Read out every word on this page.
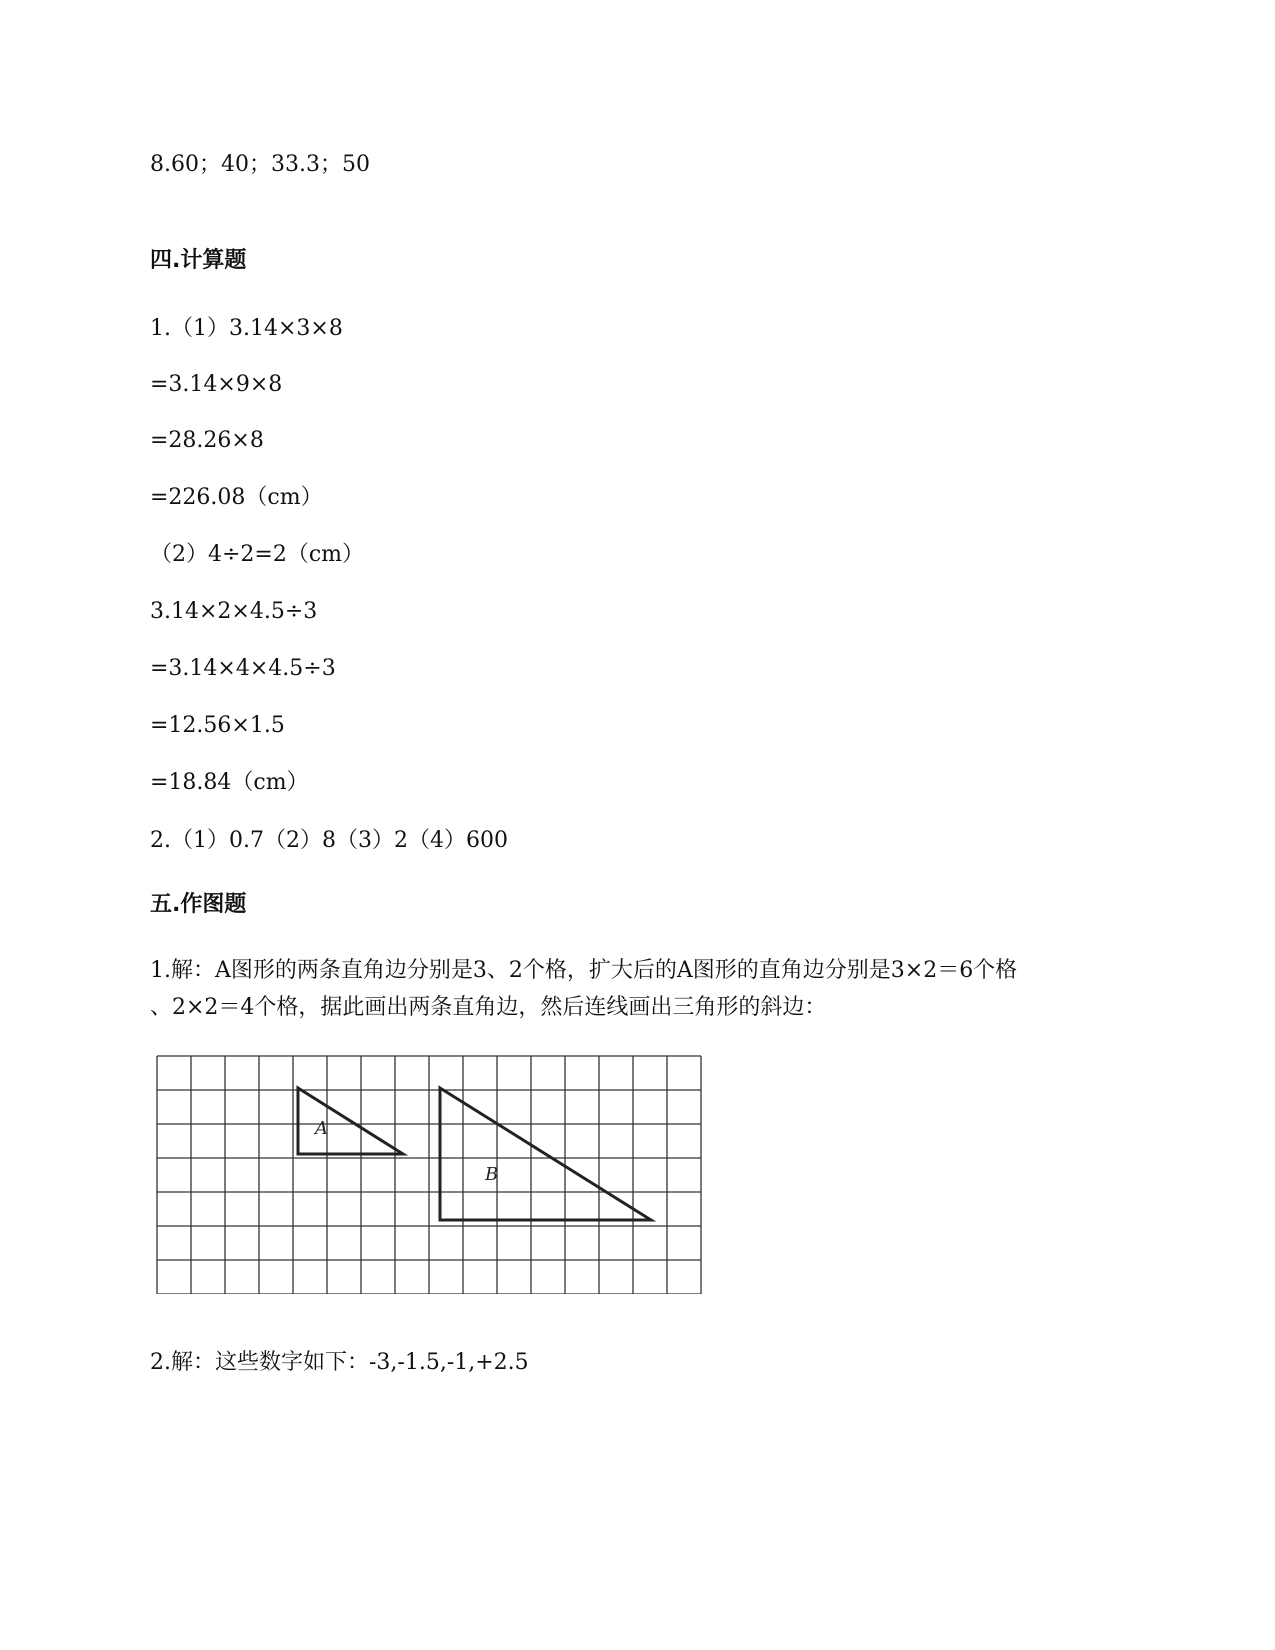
8.60；40；33.3；50
四.计算题
1.（1）3.14×3×8
=3.14×9×8
=28.26×8
=226.08（cm）
（2）4÷2=2（cm）
3.14×2×4.5÷3
=3.14×4×4.5÷3
=12.56×1.5
=18.84（cm）
2.（1）0.7（2）8（3）2（4）600
五.作图题
1.解：A图形的两条直角边分别是3、2个格，扩大后的A图形的直角边分别是3×2＝6个格
、2×2＝4个格，据此画出两条直角边，然后连线画出三角形的斜边：
A
B
2.解：这些数字如下：-3,-1.5,-1,+2.5
